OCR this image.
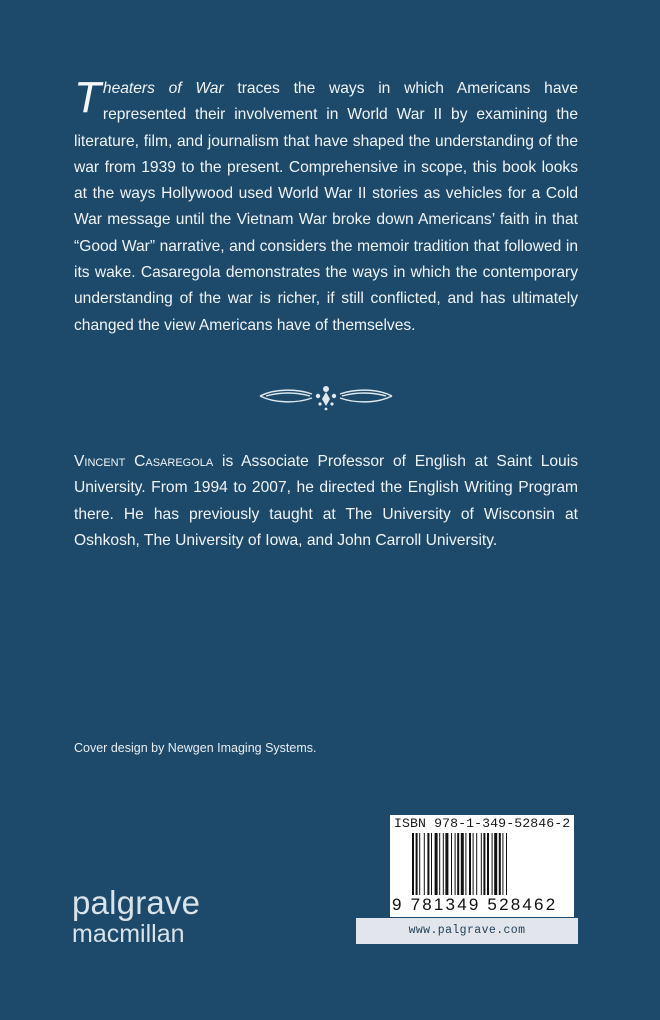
Theaters of War traces the ways in which Americans have represented their involvement in World War II by examining the literature, film, and journalism that have shaped the understanding of the war from 1939 to the present. Comprehensive in scope, this book looks at the ways Hollywood used World War II stories as vehicles for a Cold War message until the Vietnam War broke down Americans’ faith in that “Good War” narrative, and considers the memoir tradition that followed in its wake. Casaregola demonstrates the ways in which the contemporary understanding of the war is richer, if still conflicted, and has ultimately changed the view Americans have of themselves.

Vincent Casaregola is Associate Professor of English at Saint Louis University. From 1994 to 2007, he directed the English Writing Program there. He has previously taught at The University of Wisconsin at Oshkosh, The University of Iowa, and John Carroll University.
Cover design by Newgen Imaging Systems.
palgrave
macmillan
ISBN 978-1-349-52846-2
9 781349 528462
www.palgrave.com
